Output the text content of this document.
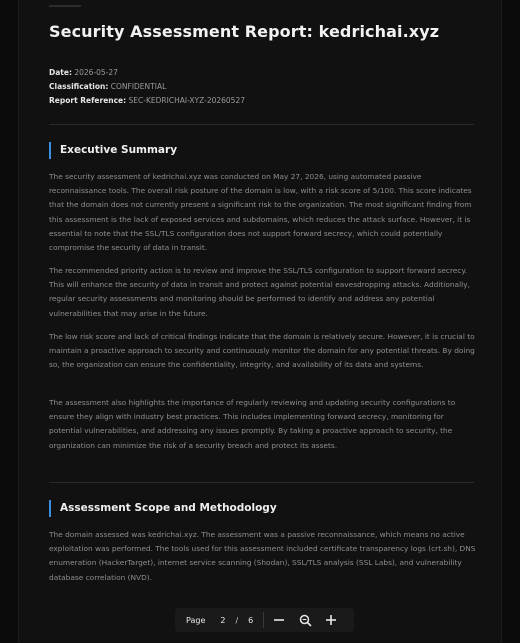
Security Assessment Report: kedrichai.xyz
Date: 2026-05-27
Classification: CONFIDENTIAL
Report Reference: SEC-KEDRICHAI-XYZ-20260527
Executive Summary

The security assessment of kedrichai.xyz was conducted on May 27, 2026, using automated passive reconnaissance tools. The overall risk posture of the domain is low, with a risk score of 5/100. This score indicates that the domain does not currently present a significant risk to the organization. The most significant finding from this assessment is the lack of exposed services and subdomains, which reduces the attack surface. However, it is essential to note that the SSL/TLS configuration does not support forward secrecy, which could potentially compromise the security of data in transit.

The recommended priority action is to review and improve the SSL/TLS configuration to support forward secrecy. This will enhance the security of data in transit and protect against potential eavesdropping attacks. Additionally, regular security assessments and monitoring should be performed to identify and address any potential vulnerabilities that may arise in the future.

The low risk score and lack of critical findings indicate that the domain is relatively secure. However, it is crucial to maintain a proactive approach to security and continuously monitor the domain for any potential threats. By doing so, the organization can ensure the confidentiality, integrity, and availability of its data and systems.

The assessment also highlights the importance of regularly reviewing and updating security configurations to ensure they align with industry best practices. This includes implementing forward secrecy, monitoring for potential vulnerabilities, and addressing any issues promptly. By taking a proactive approach to security, the organization can minimize the risk of a security breach and protect its assets.

Assessment Scope and Methodology

The domain assessed was kedrichai.xyz. The assessment was a passive reconnaissance, which means no active exploitation was performed. The tools used for this assessment included certificate transparency logs (crt.sh), DNS enumeration (HackerTarget), internet service scanning (Shodan), SSL/TLS analysis (SSL Labs), and vulnerability database correlation (NVD).

Page 2 / 6
